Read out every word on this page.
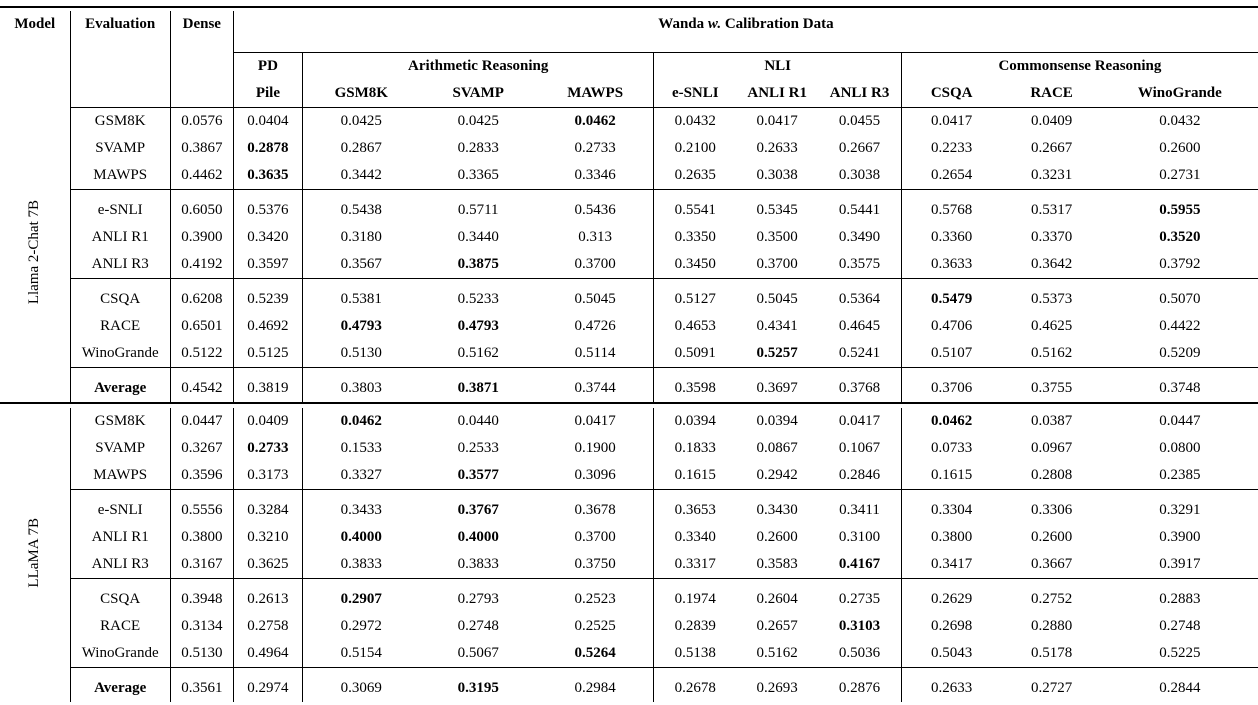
Model	Evaluation	Dense	Wanda w. Calibration Data									
			PD	Arithmetic Reasoning			NLI			Commonsense Reasoning		
			Pile	GSM8K	SVAMP	MAWPS	e-SNLI	ANLI R1	ANLI R3	CSQA	RACE	WinoGrande
Llama 2-Chat 7B	GSM8K	0.0576	0.0404	0.0425	0.0425	0.0462	0.0432	0.0417	0.0455	0.0417	0.0409	0.0432
	SVAMP	0.3867	0.2878	0.2867	0.2833	0.2733	0.2100	0.2633	0.2667	0.2233	0.2667	0.2600
	MAWPS	0.4462	0.3635	0.3442	0.3365	0.3346	0.2635	0.3038	0.3038	0.2654	0.3231	0.2731

	e-SNLI	0.6050	0.5376	0.5438	0.5711	0.5436	0.5541	0.5345	0.5441	0.5768	0.5317	0.5955
	ANLI R1	0.3900	0.3420	0.3180	0.3440	0.313	0.3350	0.3500	0.3490	0.3360	0.3370	0.3520
	ANLI R3	0.4192	0.3597	0.3567	0.3875	0.3700	0.3450	0.3700	0.3575	0.3633	0.3642	0.3792

	CSQA	0.6208	0.5239	0.5381	0.5233	0.5045	0.5127	0.5045	0.5364	0.5479	0.5373	0.5070
	RACE	0.6501	0.4692	0.4793	0.4793	0.4726	0.4653	0.4341	0.4645	0.4706	0.4625	0.4422
	WinoGrande	0.5122	0.5125	0.5130	0.5162	0.5114	0.5091	0.5257	0.5241	0.5107	0.5162	0.5209

	Average	0.4542	0.3819	0.3803	0.3871	0.3744	0.3598	0.3697	0.3768	0.3706	0.3755	0.3748

LLaMA 7B	GSM8K	0.0447	0.0409	0.0462	0.0440	0.0417	0.0394	0.0394	0.0417	0.0462	0.0387	0.0447
	SVAMP	0.3267	0.2733	0.1533	0.2533	0.1900	0.1833	0.0867	0.1067	0.0733	0.0967	0.0800
	MAWPS	0.3596	0.3173	0.3327	0.3577	0.3096	0.1615	0.2942	0.2846	0.1615	0.2808	0.2385

	e-SNLI	0.5556	0.3284	0.3433	0.3767	0.3678	0.3653	0.3430	0.3411	0.3304	0.3306	0.3291
	ANLI R1	0.3800	0.3210	0.4000	0.4000	0.3700	0.3340	0.2600	0.3100	0.3800	0.2600	0.3900
	ANLI R3	0.3167	0.3625	0.3833	0.3833	0.3750	0.3317	0.3583	0.4167	0.3417	0.3667	0.3917

	CSQA	0.3948	0.2613	0.2907	0.2793	0.2523	0.1974	0.2604	0.2735	0.2629	0.2752	0.2883
	RACE	0.3134	0.2758	0.2972	0.2748	0.2525	0.2839	0.2657	0.3103	0.2698	0.2880	0.2748
	WinoGrande	0.5130	0.4964	0.5154	0.5067	0.5264	0.5138	0.5162	0.5036	0.5043	0.5178	0.5225

	Average	0.3561	0.2974	0.3069	0.3195	0.2984	0.2678	0.2693	0.2876	0.2633	0.2727	0.2844
